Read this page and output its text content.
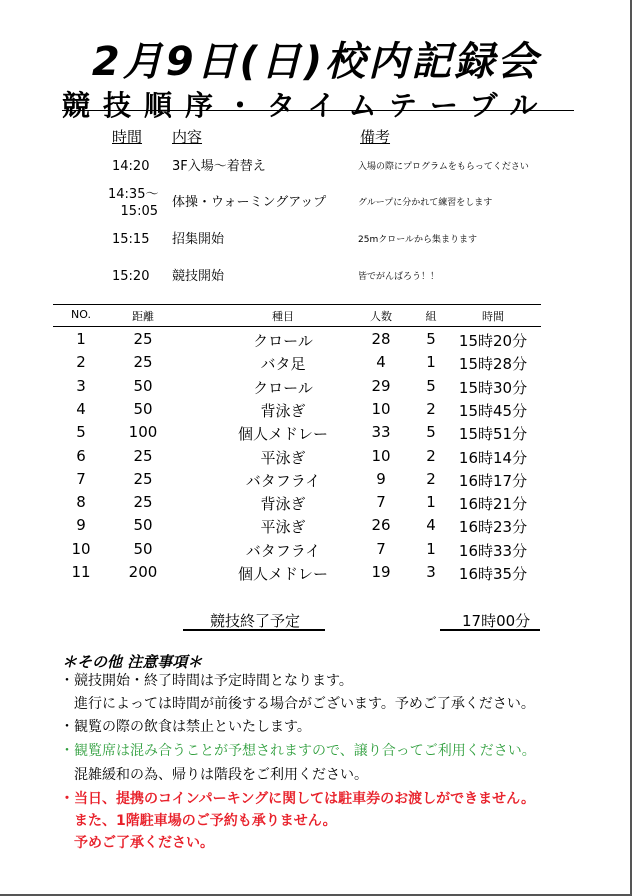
2月9日(日)校内記録会
競技順序・タイムテーブル
時間 内容	備考
14:20 3F入場〜着替え	入場の際にプログラムをもらってください
14:35〜
15:05
体操・ウォーミングアップ	グループに分かれて練習をします
15:15 招集開始	25mクロールから集まります
15:20 競技開始	皆でがんばろう！！
NO.	距離	種目	人数	組	時間
1	25	クロール	28	5	15時20分
2	25	バタ足	4	1	15時28分
3	50	クロール	29	5	15時30分
4	50	背泳ぎ	10	2	15時45分
5	100	個人メドレー	33	5	15時51分
6	25	平泳ぎ	10	2	16時14分
7	25	バタフライ	9	2	16時17分
8	25	背泳ぎ	7	1	16時21分
9	50	平泳ぎ	26	4	16時23分
10	50	バタフライ	7	1	16時33分
11	200	個人メドレー	19	3	16時35分
競技終了予定	17時00分
＊その他 注意事項＊
・競技開始・終了時間は予定時間となります。
　進行によっては時間が前後する場合がございます。予めご了承ください。
・観覧の際の飲食は禁止といたします。
・観覧席は混み合うことが予想されますので、譲り合ってご利用ください。
　混雑緩和の為、帰りは階段をご利用ください。
・当日、提携のコインパーキングに関しては駐車券のお渡しができません。
　また、1階駐車場のご予約も承りません。
　予めご了承ください。
